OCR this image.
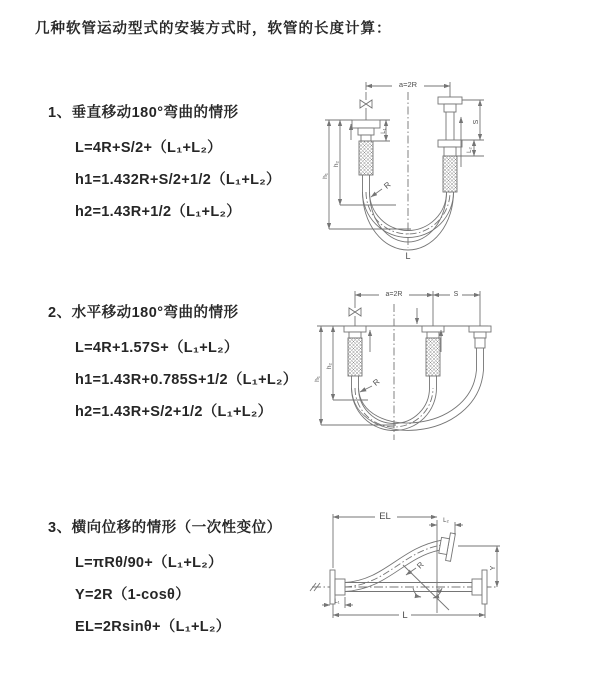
几种软管运动型式的安装方式时，软管的长度计算：
1、垂直移动180°弯曲的情形
L=4R+S/2+（L₁+L₂）
h1=1.432R+S/2+1/2（L₁+L₂）
h2=1.43R+1/2（L₁+L₂）
2、水平移动180°弯曲的情形
L=4R+1.57S+（L₁+L₂）
h1=1.43R+0.785S+1/2（L₁+L₂）
h2=1.43R+S/2+1/2（L₁+L₂）
3、横向位移的情形（一次性变位）
L=πRθ/90+（L₁+L₂）
Y=2R（1-cosθ）
EL=2Rsinθ+（L₁+L₂）
a=2R
S
L₂
L₁
h₂
h₁
R
L
a=2R	S
h₂
h₁	R
EL	L₂
Y
θ
R
L
L₁
